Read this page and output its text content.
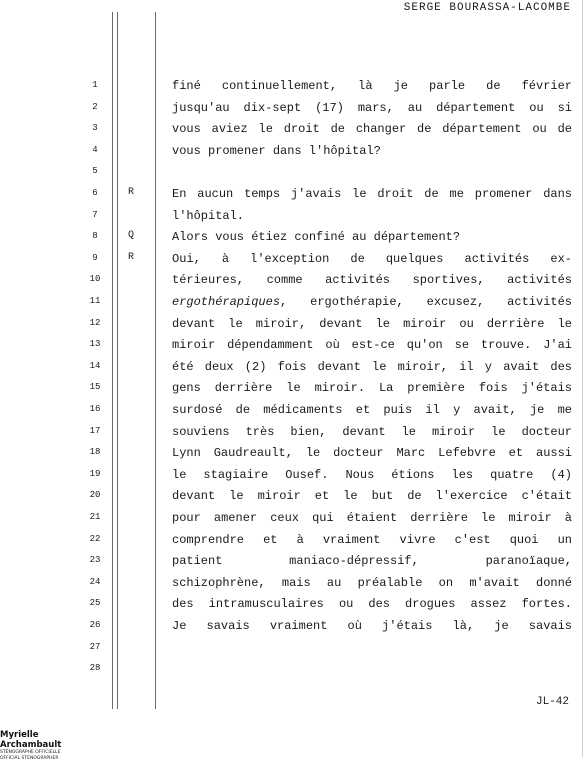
SERGE BOURASSA-LACOMBE
1
2
3
4
5
6
7
8
9
10
11
12
13
14
15
16
17
18
19
20
21
22
23
24
25
26
27
28
R
Q
R
finé continuellement, là je parle de février
jusqu'au dix-sept (17) mars, au département ou si
vous aviez le droit de changer de département ou de
vous promener dans l'hôpital?
En aucun temps j'avais le droit de me promener dans
l'hôpital.
Alors vous étiez confiné au département?
Oui, à l'exception de quelques activités ex-
térieures, comme activités sportives, activités
ergothérapiques, ergothérapie, excusez, activités
devant le miroir, devant le miroir ou derrière le
miroir dépendamment où est-ce qu'on se trouve. J'ai
été deux (2) fois devant le miroir, il y avait des
gens derrière le miroir. La première fois j'étais
surdosé de médicaments et puis il y avait, je me
souviens très bien, devant le miroir le docteur
Lynn Gaudreault, le docteur Marc Lefebvre et aussi
le stagiaire Ousef. Nous étions les quatre (4)
devant le miroir et le but de l'exercice c'était
pour amener ceux qui étaient derrière le miroir à
comprendre et à vraiment vivre c'est quoi un
patient maniaco-dépressif, paranoïaque,
schizophrène, mais au préalable on m'avait donné
des intramusculaires ou des drogues assez fortes.
Je savais vraiment où j'étais là, je savais
JL-42
Myrielle Archambault
STÉNOGRAPHE OFFICIELLE
OFFICIAL STENOGRAPHER
